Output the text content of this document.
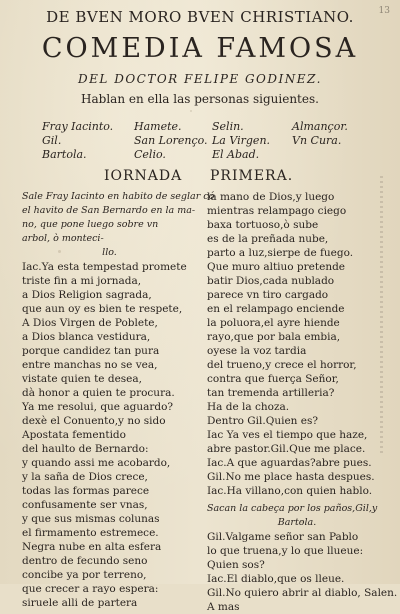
DE BVEN MORO BVEN CHRISTIANO.	13
COMEDIA FAMOSA
DEL DOCTOR FELIPE GODINEZ.
Hablan en ella las personas siguientes.
Fray Iacinto. Hamete.	Selin.	Almançor.
Gil.	San Lorenço. La Virgen. Vn Cura.
Bartola.	Celio.	El Abad.
IORNADA PRIMERA.
Sale Fray Iacinto en habito de seglar có
el havito de San Bernardo en la ma-
no, que pone luego sobre vn
arbol, ò monteci-
llo.
Iac.Ya esta tempestad promete
triste fin a mi jornada,
a Dios Religion sagrada,
que aun oy es bien te respete,
A Dios Virgen de Poblete,
a Dios blanca vestidura,
porque candidez tan pura
entre manchas no se vea,
vistate quien te desea,
dà honor a quien te procura.
Ya me resolui, que aguardo?
dexè el Conuento,y no sido
Apostata fementido
del haulto de Bernardo:
y quando assi me acobardo,
y la saña de Dios crece,
todas las formas parece
confusamente ser vnas,
y que sus mismas colunas
el firmamento estremece.
Negra nube en alta esfera
dentro de fecundo seno
concibe ya por terreno,
que crecer a rayo espera:
siruele alli de partera
la mano de Dios,y luego
mientras relampago ciego
baxa tortuoso,ò sube
es de la preñada nube,
parto a luz,sierpe de fuego.
Que muro altiuo pretende
batir Dios,cada nublado
parece vn tiro cargado
en el relampago enciende
la poluora,el ayre hiende
rayo,que por bala embia,
oyese la voz tardia
del trueno,y crece el horror,
contra que fuerça Señor,
tan tremenda artilleria?
Ha de la choza.
Dentro Gil.Quien es?
Iac Ya ves el tiempo que haze,
abre pastor.Gil.Que me place.
Iac.A que aguardas?abre pues.
Gil.No me place hasta despues.
Iac.Ha villano,con quien hablo.
Sacan la cabeça por los paños,Gil,y
Bartola.
Gil.Valgame señor san Pablo
lo que truena,y lo que llueue:
Quien sos?
Iac.El diablo,que os lleue.
Gil.No quiero abrir al diablo, Salen.
A mas
